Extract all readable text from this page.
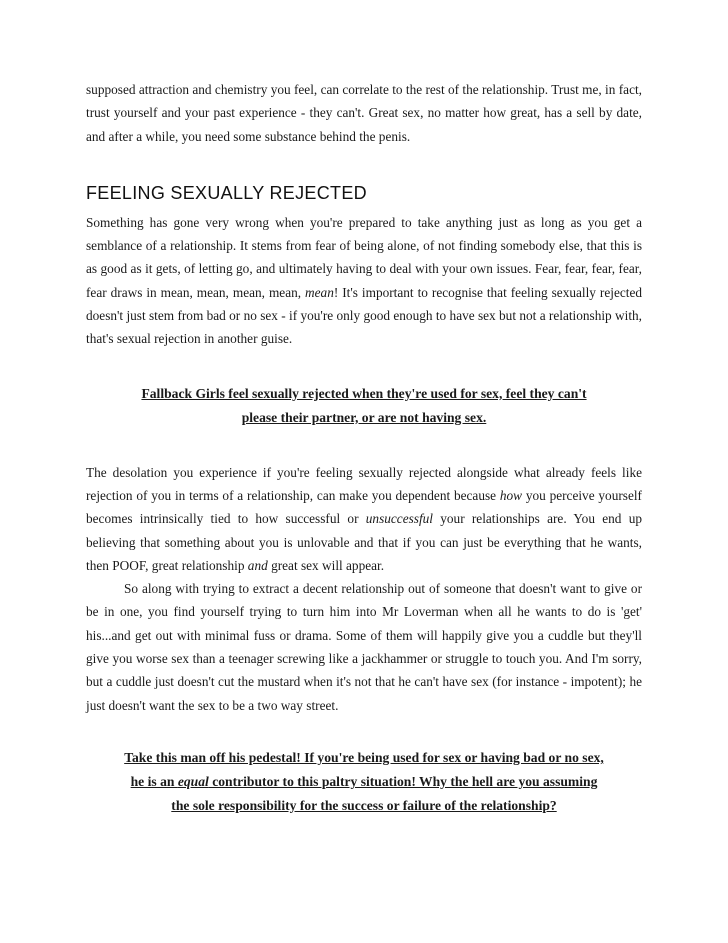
supposed attraction and chemistry you feel, can correlate to the rest of the relationship. Trust me, in fact, trust yourself and your past experience - they can't. Great sex, no matter how great, has a sell by date, and after a while, you need some substance behind the penis.

FEELING SEXUALLY REJECTED

Something has gone very wrong when you're prepared to take anything just as long as you get a semblance of a relationship. It stems from fear of being alone, of not finding somebody else, that this is as good as it gets, of letting go, and ultimately having to deal with your own issues. Fear, fear, fear, fear, fear draws in mean, mean, mean, mean, mean! It's important to recognise that feeling sexually rejected doesn't just stem from bad or no sex - if you're only good enough to have sex but not a relationship with, that's sexual rejection in another guise.

Fallback Girls feel sexually rejected when they're used for sex, feel they can't
please their partner, or are not having sex.

The desolation you experience if you're feeling sexually rejected alongside what already feels like rejection of you in terms of a relationship, can make you dependent because how you perceive yourself becomes intrinsically tied to how successful or unsuccessful your relationships are. You end up believing that something about you is unlovable and that if you can just be everything that he wants, then POOF, great relationship and great sex will appear.

So along with trying to extract a decent relationship out of someone that doesn't want to give or be in one, you find yourself trying to turn him into Mr Loverman when all he wants to do is 'get' his...and get out with minimal fuss or drama. Some of them will happily give you a cuddle but they'll give you worse sex than a teenager screwing like a jackhammer or struggle to touch you. And I'm sorry, but a cuddle just doesn't cut the mustard when it's not that he can't have sex (for instance - impotent); he just doesn't want the sex to be a two way street.

Take this man off his pedestal! If you're being used for sex or having bad or no sex,
he is an equal contributor to this paltry situation! Why the hell are you assuming
the sole responsibility for the success or failure of the relationship?
